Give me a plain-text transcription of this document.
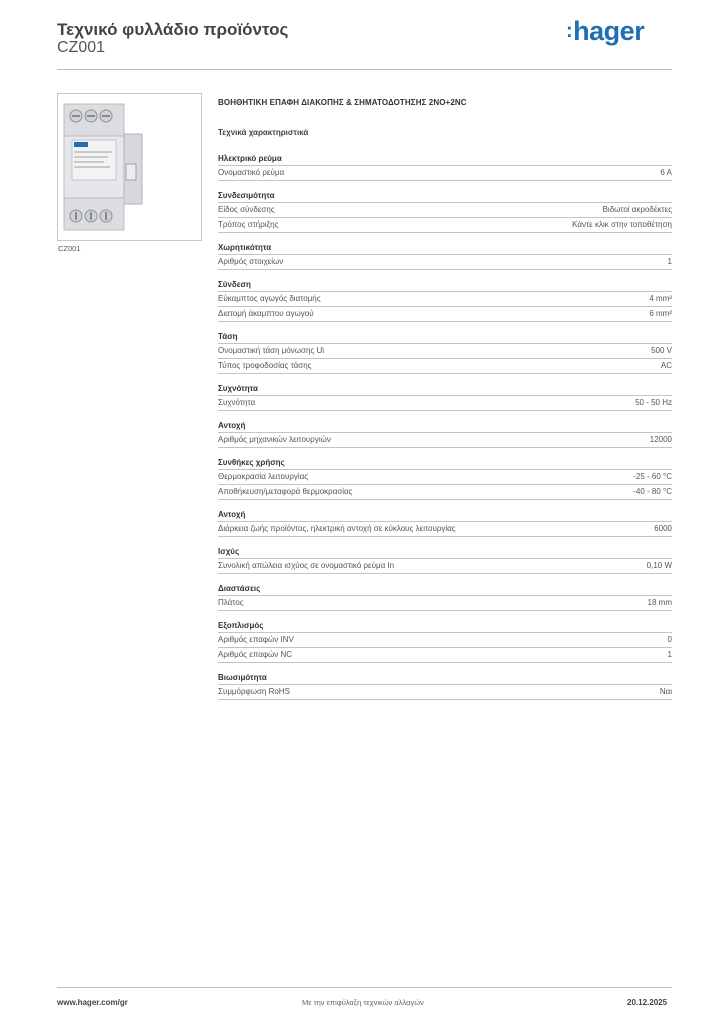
Τεχνικό φυλλάδιο προϊόντος
CZ001
:hager
CZ001
ΒΟΗΘΗΤΙΚΗ ΕΠΑΦΗ ΔΙΑΚΟΠΗΣ & ΣΗΜΑΤΟΔΟΤΗΣΗΣ 2NO+2NC
Τεχνικά χαρακτηριστικά
Ηλεκτρικό ρεύμα
Ονομαστικό ρεύμα	6 A
Συνδεσιμότητα
Είδος σύνδεσης	Βιδωτοί ακροδέκτες
Τρόπος στήριξης	Κάντε κλικ στην τοποθέτηση
Χωρητικότητα
Αριθμός στοιχείων	1
Σύνδεση
Εύκαμπτος αγωγός διατομής	4 mm²
Διατομή άκαμπτου αγωγού	6 mm²
Τάση
Ονομαστική τάση μόνωσης Ui	500 V
Τύπος τροφοδοσίας τάσης	AC
Συχνότητα
Συχνότητα	50 - 50 Hz
Αντοχή
Αριθμός μηχανικών λειτουργιών	12000
Συνθήκες χρήσης
Θερμοκρασία λειτουργίας	-25 - 60 °C
Αποθήκευση/μεταφορά θερμοκρασίας	-40 - 80 °C
Αντοχή
Διάρκεια ζωής προϊόντος, ηλεκτρική αντοχή σε κύκλους λειτουργίας	6000
Ισχύς
Συνολική απώλεια ισχύος σε ονομαστικό ρεύμα In	0,10 W
Διαστάσεις
Πλάτος	18 mm
Εξοπλισμός
Αριθμός επαφών INV	0
Αριθμός επαφών NC	1
Βιωσιμότητα
Συμμόρφωση RoHS	Ναι
www.hager.com/gr	Με την επιφύλαξη τεχνικών αλλαγών	20.12.2025
